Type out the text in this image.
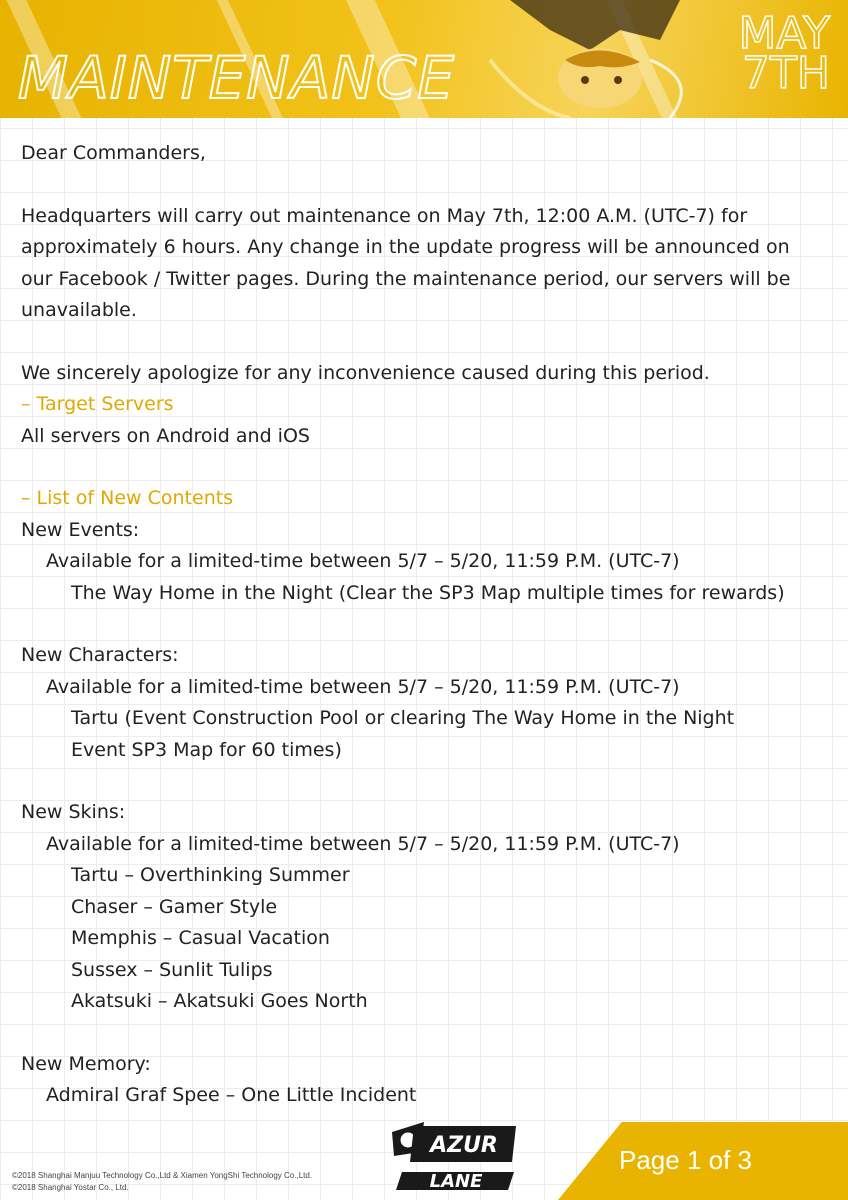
MAINTENANCE
MAY
7TH

Dear Commanders,

Headquarters will carry out maintenance on May 7th, 12:00 A.M. (UTC-7) for approximately 6 hours. Any change in the update progress will be announced on our Facebook / Twitter pages. During the maintenance period, our servers will be unavailable.

We sincerely apologize for any inconvenience caused during this period.

– Target Servers

All servers on Android and iOS

– List of New Contents

New Events:

Available for a limited-time between 5/7 – 5/20, 11:59 P.M. (UTC-7)

The Way Home in the Night (Clear the SP3 Map multiple times for rewards)

New Characters:

Available for a limited-time between 5/7 – 5/20, 11:59 P.M. (UTC-7)

Tartu (Event Construction Pool or clearing The Way Home in the Night Event SP3 Map for 60 times)

New Skins:

Available for a limited-time between 5/7 – 5/20, 11:59 P.M. (UTC-7)

Tartu – Overthinking Summer

Chaser – Gamer Style

Memphis – Casual Vacation

Sussex – Sunlit Tulips

Akatsuki – Akatsuki Goes North

New Memory:

Admiral Graf Spee – One Little Incident

Page 1 of 3
AZUR
LANE
©2018 Shanghai Manjuu Technology Co.,Ltd & Xiamen YongShi Technology Co.,Ltd.
©2018 Shanghai Yostar Co., Ltd.
